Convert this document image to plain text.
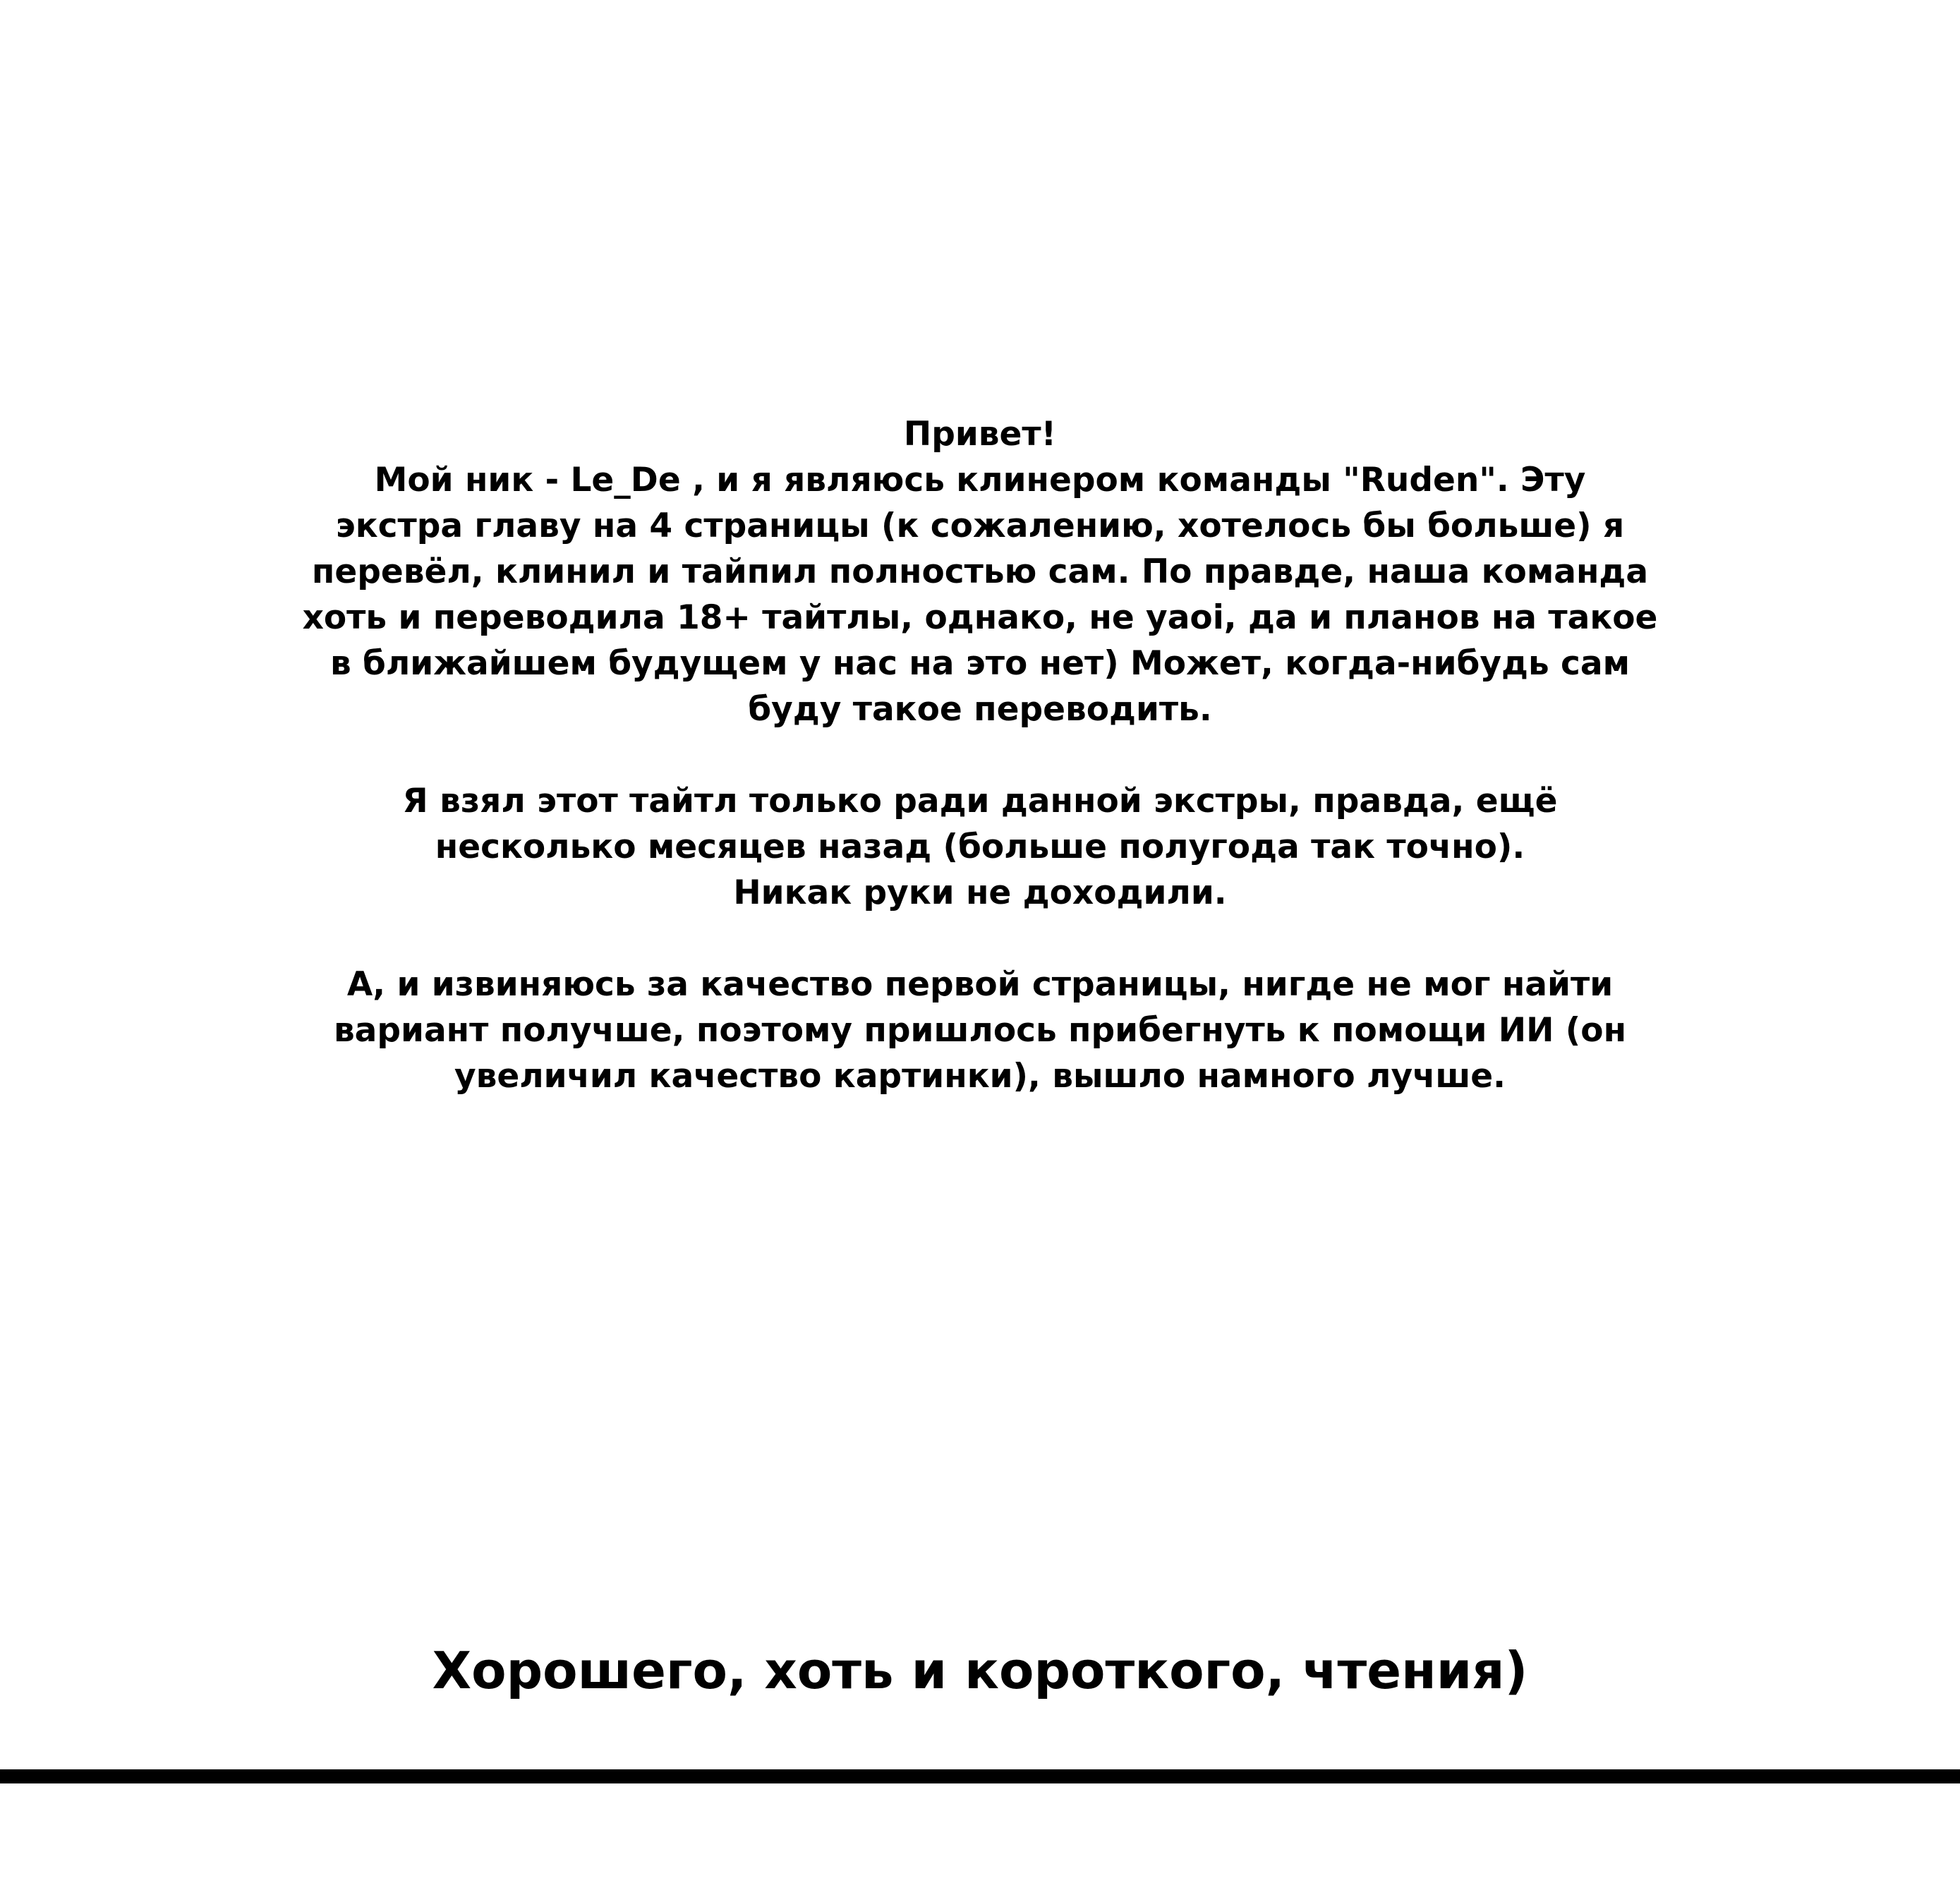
Привет!
Мой ник - Le_De , и я являюсь клинером команды "Ruden". Эту
экстра главу на 4 страницы (к сожалению, хотелось бы больше) я
перевёл, клинил и тайпил полностью сам. По правде, наша команда
хоть и переводила 18+ тайтлы, однако, не yaoi, да и планов на такое
в ближайшем будущем у нас на это нет) Может, когда-нибудь сам
буду такое переводить.

Я взял этот тайтл только ради данной экстры, правда, ещё
несколько месяцев назад (больше полугода так точно).
Никак руки не доходили.

А, и извиняюсь за качество первой страницы, нигде не мог найти
вариант получше, поэтому пришлось прибегнуть к помощи ИИ (он
увеличил качество картинки), вышло намного лучше.

Хорошего, хоть и короткого, чтения)
